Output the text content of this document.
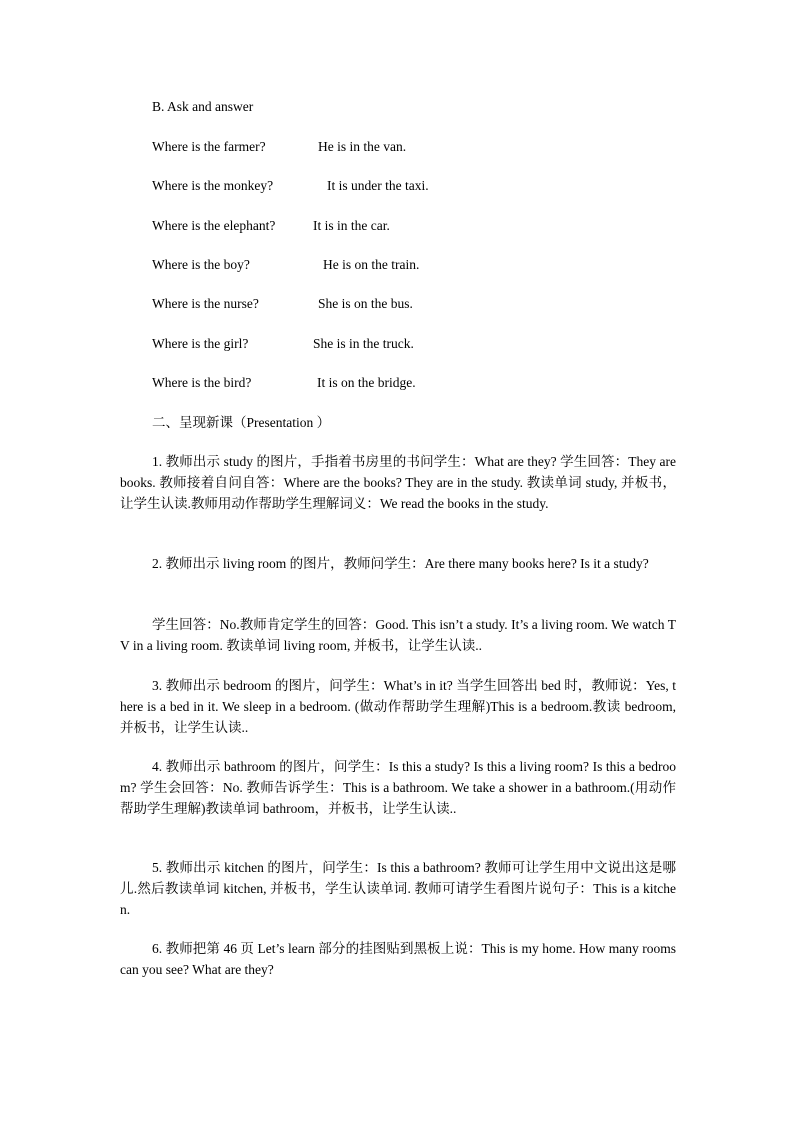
B. Ask and answer
Where is the farmer?	He is in the van.
Where is the monkey?	It is under the taxi.
Where is the elephant?	It is in the car.
Where is the boy?	He is on the train.
Where is the nurse?	She is on the bus.
Where is the girl?	She is in the truck.
Where is the bird?	It is on the bridge.
二、呈现新课（Presentation ）

1. 教师出示 study 的图片，手指着书房里的书问学生：What are they? 学生回答：They are books. 教师接着自问自答：Where are the books? They are in the study. 教读单词 study, 并板书，让学生认读.教师用动作帮助学生理解词义：We read the books in the study.

2. 教师出示 living room 的图片，教师问学生：Are there many books here? Is it a study?

学生回答：No.教师肯定学生的回答：Good. This isn’t a study. It’s a living room. We watch TV in a living room. 教读单词 living room, 并板书，让学生认读..

3. 教师出示 bedroom 的图片，问学生：What’s in it? 当学生回答出 bed 时，教师说：Yes, there is a bed in it. We sleep in a bedroom. (做动作帮助学生理解)This is a bedroom.教读 bedroom, 并板书，让学生认读..

4. 教师出示 bathroom 的图片，问学生：Is this a study? Is this a living room? Is this a bedroom? 学生会回答：No. 教师告诉学生：This is a bathroom. We take a shower in a bathroom.(用动作帮助学生理解)教读单词 bathroom，并板书，让学生认读..

5. 教师出示 kitchen 的图片，问学生：Is this a bathroom? 教师可让学生用中文说出这是哪儿.然后教读单词 kitchen, 并板书，学生认读单词. 教师可请学生看图片说句子：This is a kitchen.

6. 教师把第 46 页 Let’s learn 部分的挂图贴到黑板上说：This is my home. How many rooms can you see? What are they?
